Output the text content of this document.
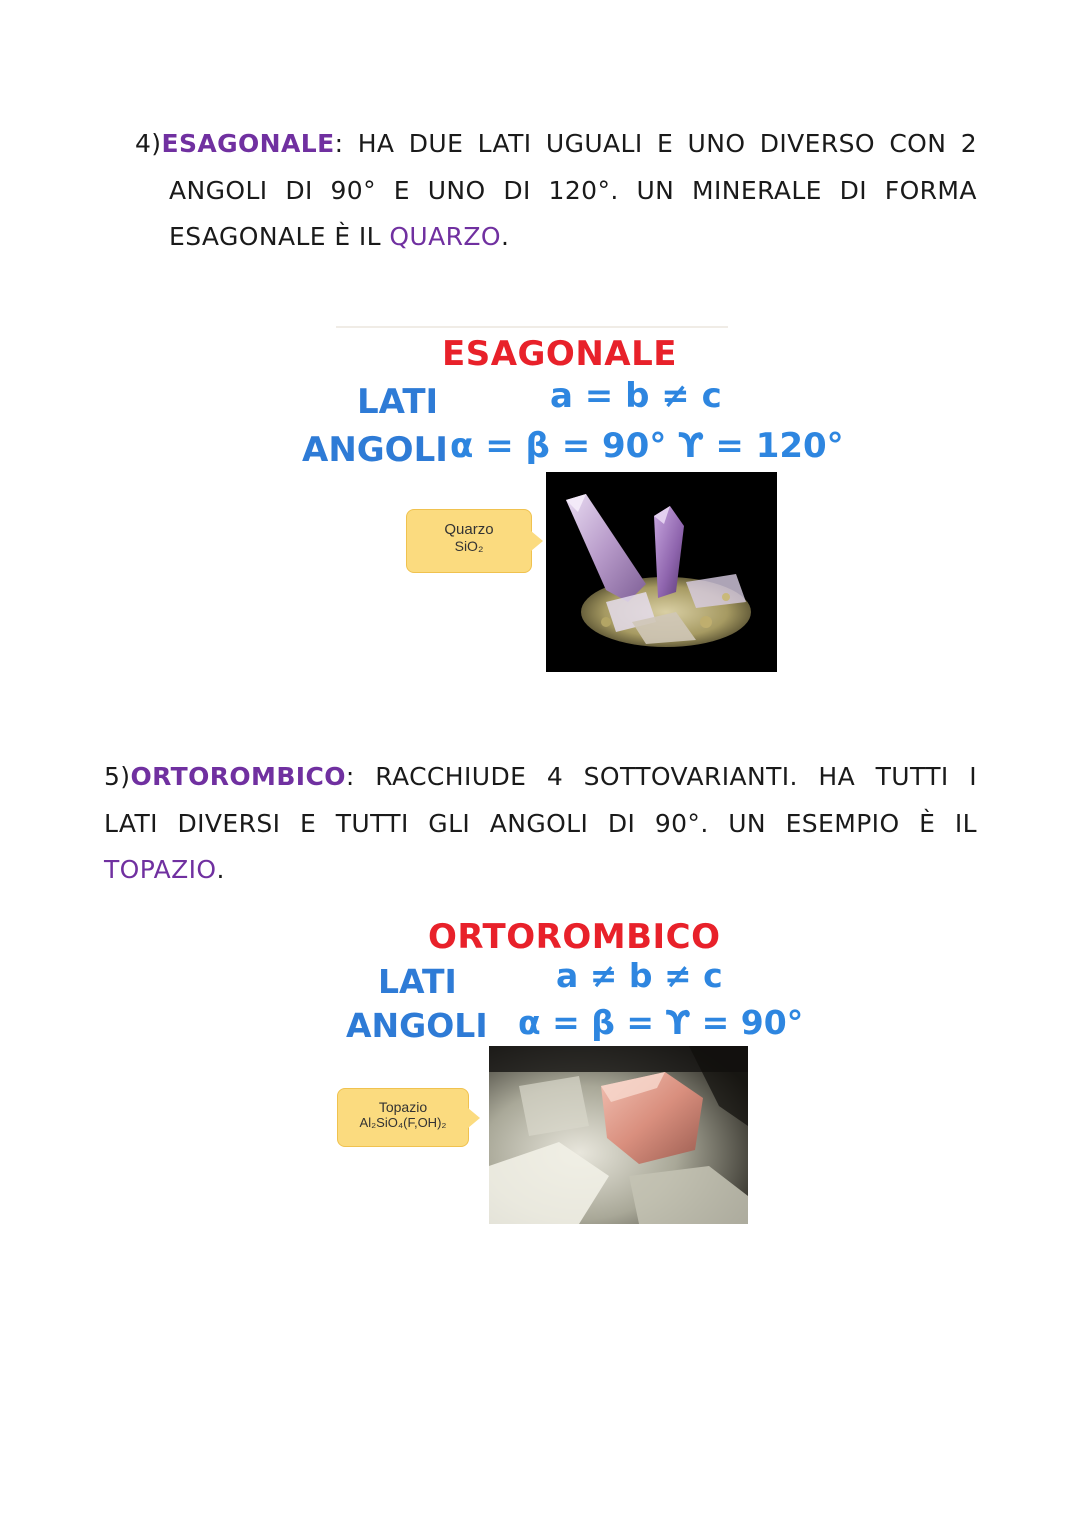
4)ESAGONALE: HA DUE LATI UGUALI E UNO DIVERSO CON 2
ANGOLI DI 90° E UNO DI 120°. UN MINERALE DI FORMA
ESAGONALE È IL QUARZO .
ESAGONALE
LATI	a = b ≠ c
ANGOLI α = β = 90° ϒ = 120°
Quarzo
SiO₂
5)ORTOROMBICO: RACCHIUDE 4 SOTTOVARIANTI. HA TUTTI I
LATI DIVERSI E TUTTI GLI ANGOLI DI 90°. UN ESEMPIO È IL
TOPAZIO .
ORTOROMBICO
LATI	a ≠ b ≠ c
ANGOLI α = β = ϒ = 90°
Topazio
Al₂SiO₄(F,OH)₂
